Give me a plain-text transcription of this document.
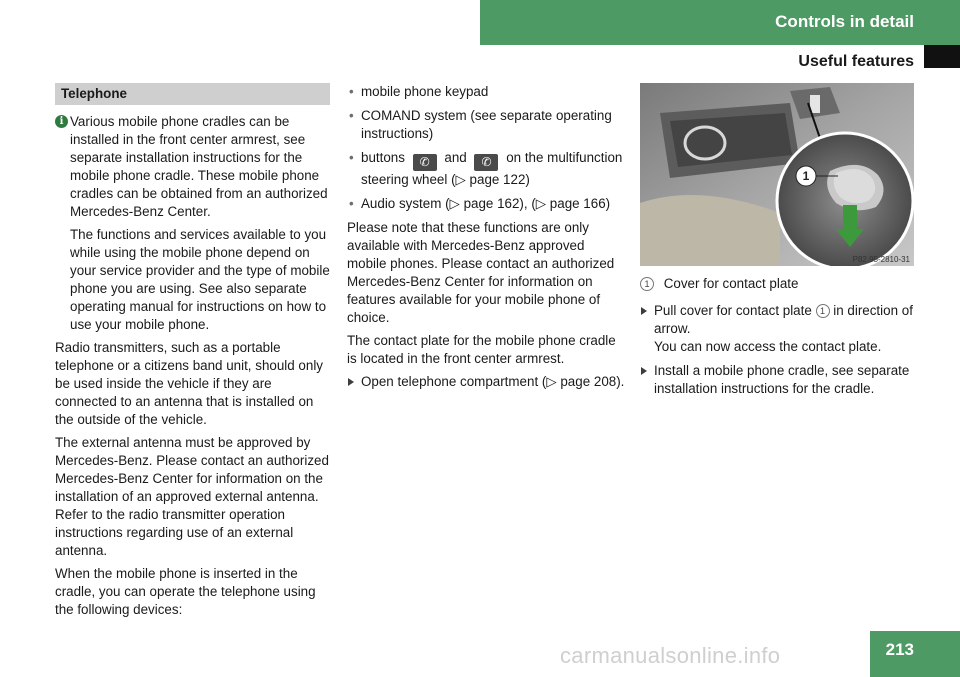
Controls in detail
Useful features
Telephone
i Various mobile phone cradles can be installed in the front center armrest, see separate installation instructions for the mobile phone cradle. These mobile phone cradles can be obtained from an authorized Mercedes-Benz Center.

The functions and services available to you while using the mobile phone depend on your service provider and the type of mobile phone you are using. See also separate operating manual for instructions on how to use your mobile phone.

Radio transmitters, such as a portable telephone or a citizens band unit, should only be used inside the vehicle if they are connected to an antenna that is installed on the outside of the vehicle.

The external antenna must be approved by Mercedes-Benz. Please contact an authorized Mercedes-Benz Center for information on the installation of an approved external antenna. Refer to the radio transmitter operation instructions regarding use of an external antenna.

When the mobile phone is inserted in the cradle, you can operate the telephone using the following devices:

• mobile phone keypad
• COMAND system (see separate operating instructions)
• buttons ✆ and ✆ on the multifunction steering wheel (▷ page 122)
• Audio system (▷ page 162), (▷ page 166)

Please note that these functions are only available with Mercedes-Benz approved mobile phones. Please contact an authorized Mercedes-Benz Center for information on features available for your mobile phone of choice.

The contact plate for the mobile phone cradle is located in the front center armrest.

Open telephone compartment (▷ page 208).
1
P82.95-2810-31
1 Cover for contact plate
Pull cover for contact plate 1 in direction of arrow.
You can now access the contact plate.
Install a mobile phone cradle, see separate installation instructions for the cradle.
213
carmanualsonline.info
